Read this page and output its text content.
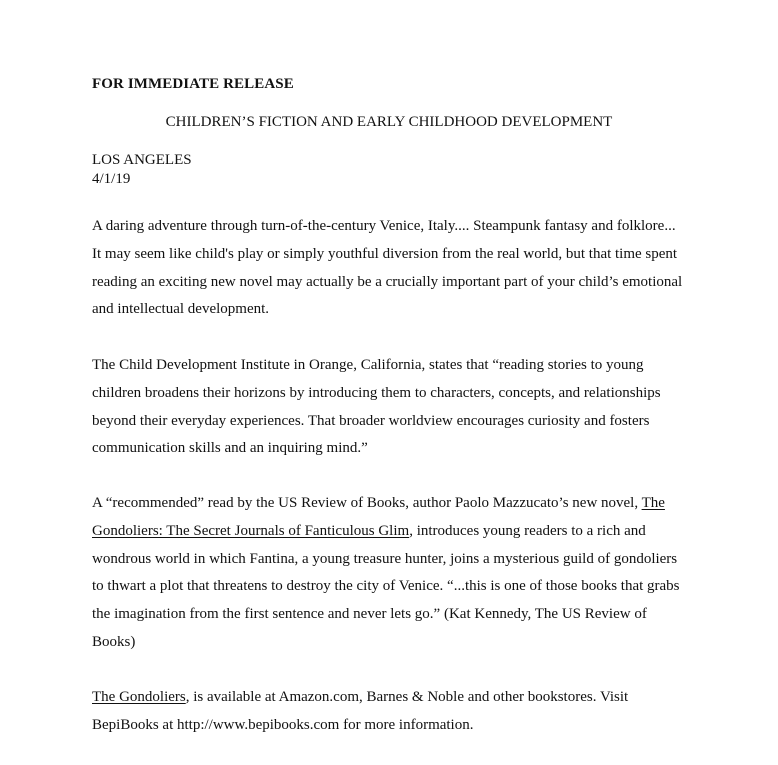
FOR IMMEDIATE RELEASE
CHILDREN’S FICTION AND EARLY CHILDHOOD DEVELOPMENT
LOS ANGELES
4/1/19
A daring adventure through turn-of-the-century Venice, Italy.... Steampunk fantasy and folklore...
It may seem like child's play or simply youthful diversion from the real world, but that time spent
reading an exciting new novel may actually be a crucially important part of your child’s emotional
and intellectual development.
The Child Development Institute in Orange, California, states that “reading stories to young
children broadens their horizons by introducing them to characters, concepts, and relationships
beyond their everyday experiences. That broader worldview encourages curiosity and fosters
communication skills and an inquiring mind.”
A “recommended” read by the US Review of Books, author Paolo Mazzucato’s new novel, The
Gondoliers: The Secret Journals of Fanticulous Glim, introduces young readers to a rich and
wondrous world in which Fantina, a young treasure hunter, joins a mysterious guild of gondoliers
to thwart a plot that threatens to destroy the city of Venice. “...this is one of those books that grabs
the imagination from the first sentence and never lets go.” (Kat Kennedy, The US Review of
Books)
The Gondoliers, is available at Amazon.com, Barnes & Noble and other bookstores. Visit
BepiBooks at http://www.bepibooks.com for more information.
